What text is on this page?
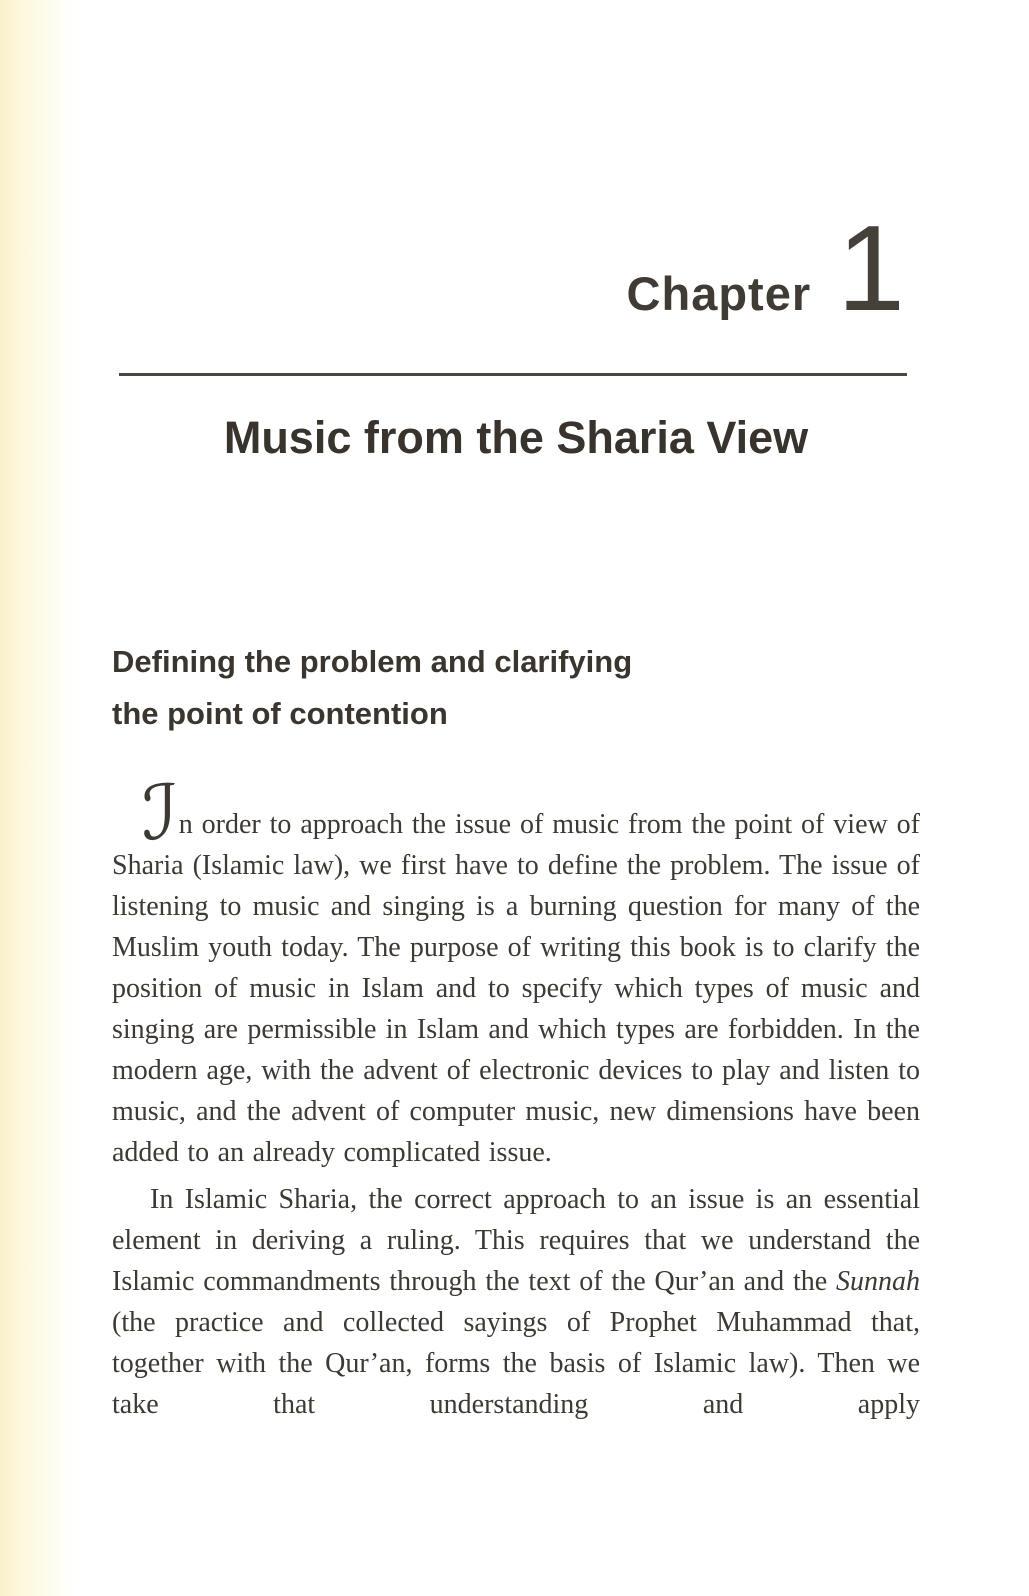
Chapter 1
Music from the Sharia View
Defining the problem and clarifying
the point of contention

ℐn order to approach the issue of music from the point of view of Sharia (Islamic law), we first have to define the problem. The issue of listening to music and singing is a burning question for many of the Muslim youth today. The purpose of writing this book is to clarify the position of music in Islam and to specify which types of music and singing are permissible in Islam and which types are forbidden. In the modern age, with the advent of electronic devices to play and listen to music, and the advent of computer music, new dimensions have been added to an already complicated issue.

In Islamic Sharia, the correct approach to an issue is an essential element in deriving a ruling. This requires that we understand the Islamic commandments through the text of the Qur’an and the Sunnah (the practice and collected sayings of Prophet Muhammad that, together with the Qur’an, forms the basis of Islamic law). Then we take that understanding and apply
